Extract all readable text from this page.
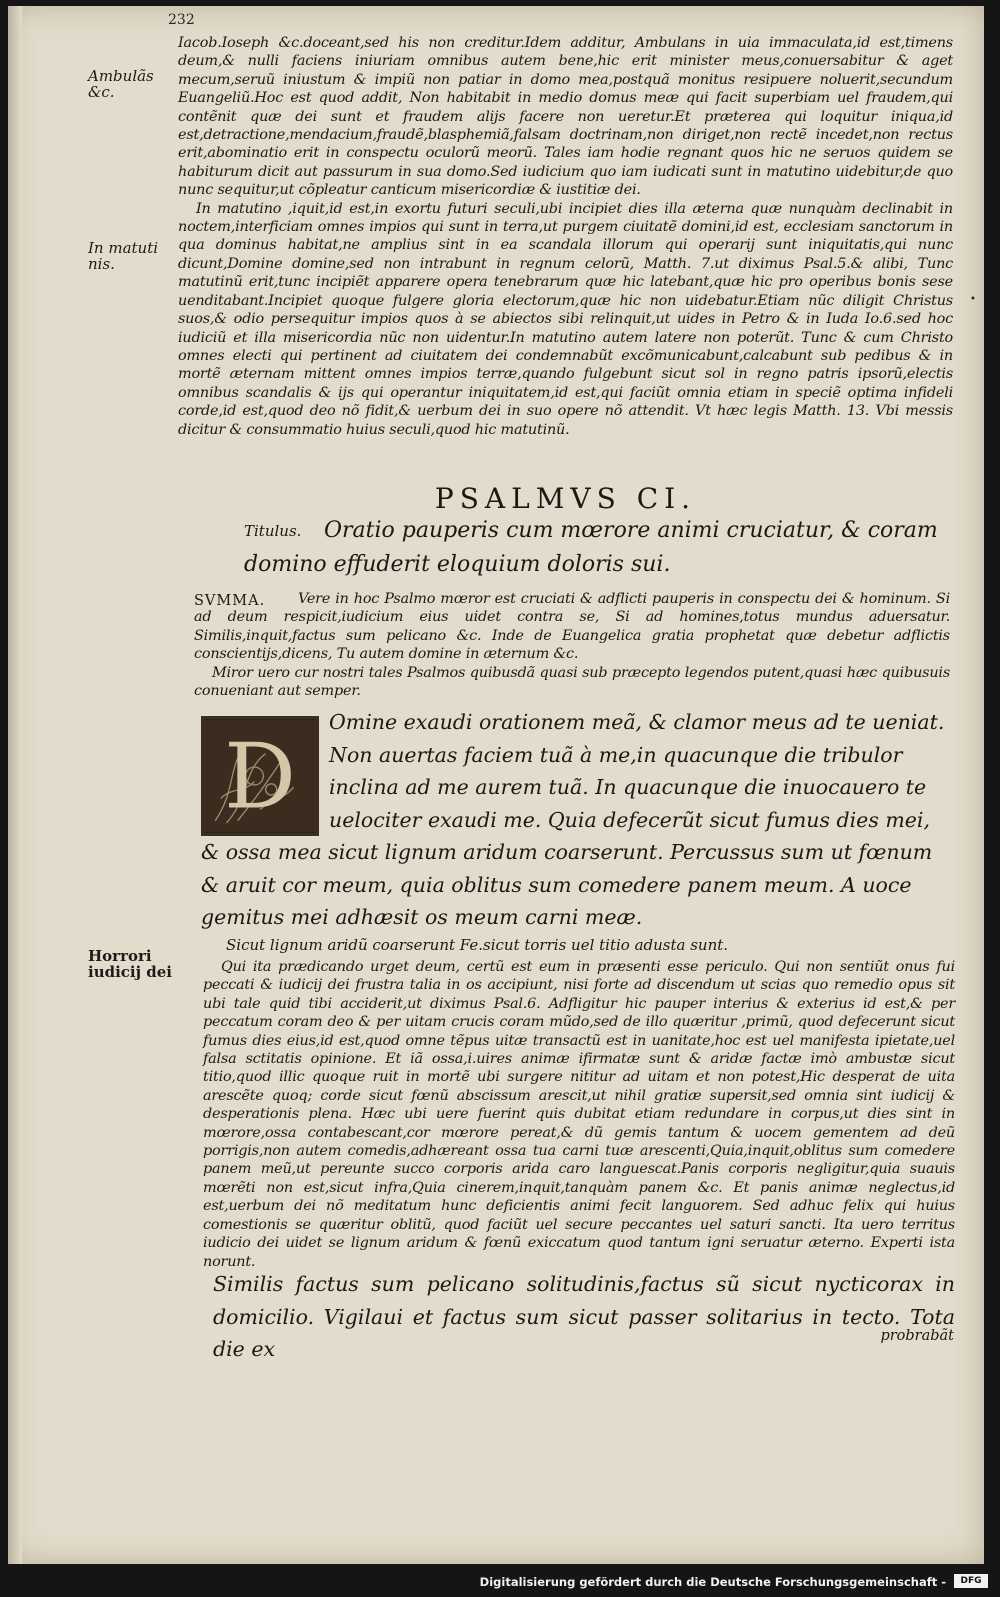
232
Ambulãs
&c.
In matuti
nis.
Horrori
iudicij dei

Iacob.Ioseph &c.doceant,sed his non creditur.Idem additur, Ambulans in uia immaculata,id est,timens deum,& nulli faciens iniuriam omnibus autem bene,hic erit minister meus,conuersabitur & aget mecum,seruũ iniustum & impiũ non patiar in domo mea,postquã monitus resipuere noluerit,secundum Euangeliũ.Hoc est quod addit, Non habitabit in medio domus meæ qui facit superbiam uel fraudem,qui contẽnit quæ dei sunt et fraudem alijs facere non ueretur.Et præterea qui loquitur iniqua,id est,detractione,mendacium,fraudẽ,blasphemiã,falsam doctrinam,non diriget,non rectẽ incedet,non rectus erit,abominatio erit in conspectu oculorũ meorũ. Tales iam hodie regnant quos hic ne seruos quidem se habiturum dicit aut passurum in sua domo.Sed iudicium quo iam iudicati sunt in matutino uidebitur,de quo nunc sequitur,ut cõpleatur canticum misericordiæ & iustitiæ dei.

In matutino ,iquit,id est,in exortu futuri seculi,ubi incipiet dies illa æterna quæ nunquàm declinabit in noctem,interficiam omnes impios qui sunt in terra,ut purgem ciuitatẽ domini,id est, ecclesiam sanctorum in qua dominus habitat,ne amplius sint in ea scandala illorum qui operarij sunt iniquitatis,qui nunc dicunt,Domine domine,sed non intrabunt in regnum celorũ, Matth. 7.ut diximus Psal.5.& alibi, Tunc matutinũ erit,tunc incipiẽt apparere opera tenebrarum quæ hic latebant,quæ hic pro operibus bonis sese uenditabant.Incipiet quoque fulgere gloria electorum,quæ hic non uidebatur.Etiam nũc diligit Christus suos,& odio persequitur impios quos à se abiectos sibi relinquit,ut uides in Petro & in Iuda Io.6.sed hoc iudiciũ et illa misericordia nũc non uidentur.In matutino autem latere non poterũt. Tunc & cum Christo omnes electi qui pertinent ad ciuitatem dei condemnabũt excõmunicabunt,calcabunt sub pedibus & in mortẽ æternam mittent omnes impios terræ,quando fulgebunt sicut sol in regno patris ipsorũ,electis omnibus scandalis & ijs qui operantur iniquitatem,id est,qui faciũt omnia etiam in speciẽ optima infideli corde,id est,quod deo nõ fidit,& uerbum dei in suo opere nõ attendit. Vt hæc legis Matth. 13. Vbi messis dicitur & consummatio huius seculi,quod hic matutinũ.

PSALMVS CI.
Titulus.	Oratio pauperis cum mœrore animi cruciatur, & coram domino effuderit eloquium doloris sui.
SVMMA.	Vere in hoc Psalmo mœror est cruciati & adflicti pauperis in conspectu dei & hominum. Si ad deum respicit,iudicium eius uidet contra se, Si ad homines,totus mundus aduersatur. Similis,inquit,factus sum pelicano &c. Inde de Euangelica gratia prophetat quæ debetur adflictis conscientijs,dicens, Tu autem domine in æternum &c.

Miror uero cur nostri tales Psalmos quibusdã quasi sub præcepto legendos putent,quasi hæc quibusuis conueniant aut semper.

D
Omine exaudi orationem meã, & clamor meus ad te ueniat. Non auertas faciem tuã à me,in quacunque die tribulor inclina ad me aurem tuã. In quacunque die inuocauero te uelociter exaudi me. Quia defecerũt sicut fumus dies mei, & ossa mea sicut lignum aridum coarserunt. Percussus sum ut fœnum & aruit cor meum, quia oblitus sum comedere panem meum. A uoce gemitus mei adhæsit os meum carni meæ.
Sicut lignum aridũ coarserunt Fe.sicut torris uel titio adusta sunt.

Qui ita prædicando urget deum, certũ est eum in præsenti esse periculo. Qui non sentiũt onus fui peccati & iudicij dei frustra talia in os accipiunt, nisi forte ad discendum ut scias quo remedio opus sit ubi tale quid tibi acciderit,ut diximus Psal.6. Adfligitur hic pauper interius & exterius id est,& per peccatum coram deo & per uitam crucis coram mũdo,sed de illo quæritur ,primũ, quod defecerunt sicut fumus dies eius,id est,quod omne tẽpus uitæ transactũ est in uanitate,hoc est uel manifesta ipietate,uel falsa sctitatis opinione. Et iã ossa,i.uires animæ ifirmatæ sunt & aridæ factæ imò ambustæ sicut titio,quod illic quoque ruit in mortẽ ubi surgere nititur ad uitam et non potest,Hic desperat de uita arescẽte quoq; corde sicut fœnũ abscissum arescit,ut nihil gratiæ supersit,sed omnia sint iudicij & desperationis plena. Hæc ubi uere fuerint quis dubitat etiam redundare in corpus,ut dies sint in mœrore,ossa contabescant,cor mœrore pereat,& dũ gemis tantum & uocem gementem ad deũ porrigis,non autem comedis,adhæreant ossa tua carni tuæ arescenti,Quia,inquit,oblitus sum comedere panem meũ,ut pereunte succo corporis arida caro languescat.Panis corporis negligitur,quia suauis mœrẽti non est,sicut infra,Quia cinerem,inquit,tanquàm panem &c. Et panis animæ neglectus,id est,uerbum dei nõ meditatum hunc deficientis animi fecit languorem. Sed adhuc felix qui huius comestionis se quæritur oblitũ, quod faciũt uel secure peccantes uel saturi sancti. Ita uero territus iudicio dei uidet se lignum aridum & fœnũ exiccatum quod tantum igni seruatur æterno. Experti ista norunt.

Similis factus sum pelicano solitudinis,factus sũ sicut nycticorax in domicilio. Vigilaui et factus sum sicut passer solitarius in tecto. Tota die ex
probrabãt
•
Digitalisierung gefördert durch die Deutsche Forschungsgemeinschaft -	DFG
